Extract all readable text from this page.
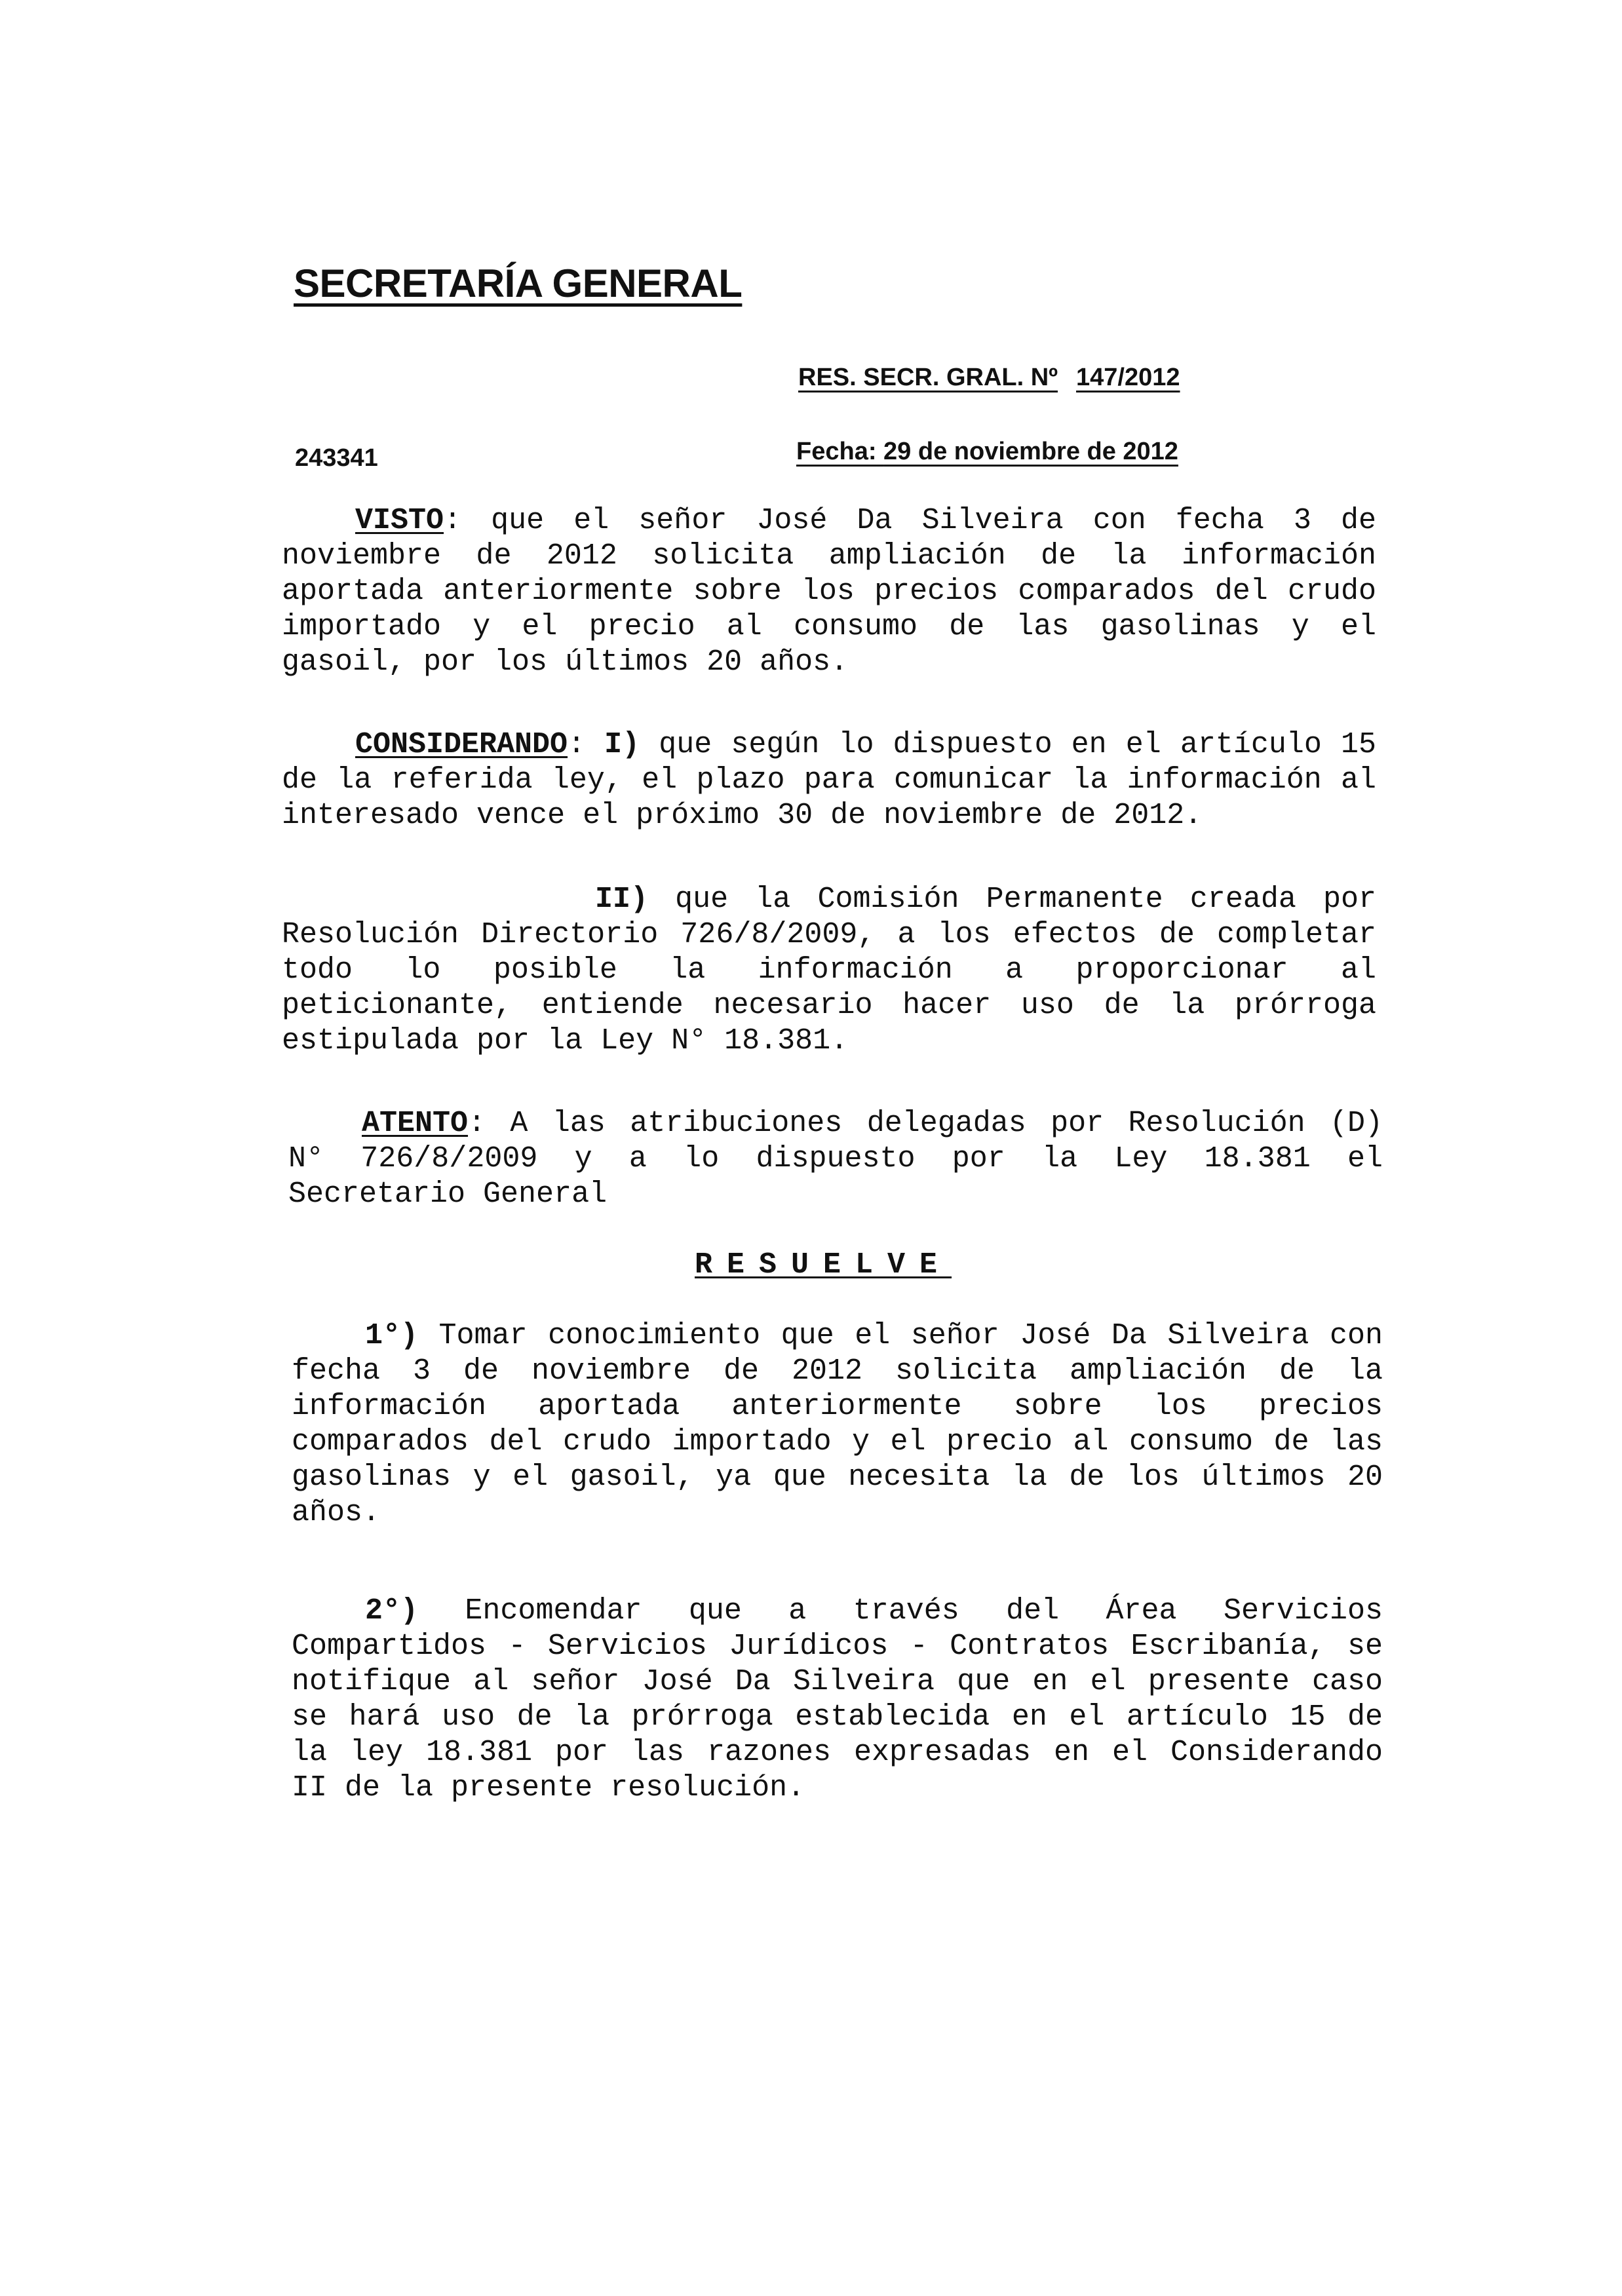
SECRETARÍA GENERAL
RES. SECR. GRAL. Nº 147/2012
243341	Fecha: 29 de noviembre de 2012

VISTO: que el señor José Da Silveira con fecha 3 de noviembre de 2012 solicita ampliación de la información aportada anteriormente sobre los precios comparados del crudo importado y el precio al consumo de las gasolinas y el gasoil, por los últimos 20 años.

CONSIDERANDO: I) que según lo dispuesto en el artículo 15 de la referida ley, el plazo para comunicar la información al interesado vence el próximo 30 de noviembre de 2012.

II) que la Comisión Permanente creada por Resolución Directorio 726/8/2009, a los efectos de completar todo lo posible la información a proporcionar al peticionante, entiende necesario hacer uso de la prórroga estipulada por la Ley N° 18.381.

ATENTO: A las atribuciones delegadas por Resolución (D) N° 726/8/2009 y a lo dispuesto por la Ley 18.381 el Secretario General

RESUELVE

1°) Tomar conocimiento que el señor José Da Silveira con fecha 3 de noviembre de 2012 solicita ampliación de la información aportada anteriormente sobre los precios comparados del crudo importado y el precio al consumo de las gasolinas y el gasoil, ya que necesita la de los últimos 20 años.

2°) Encomendar que a través del Área Servicios Compartidos - Servicios Jurídicos - Contratos Escribanía, se notifique al señor José Da Silveira que en el presente caso se hará uso de la prórroga establecida en el artículo 15 de la ley 18.381 por las razones expresadas en el Considerando II de la presente resolución.
